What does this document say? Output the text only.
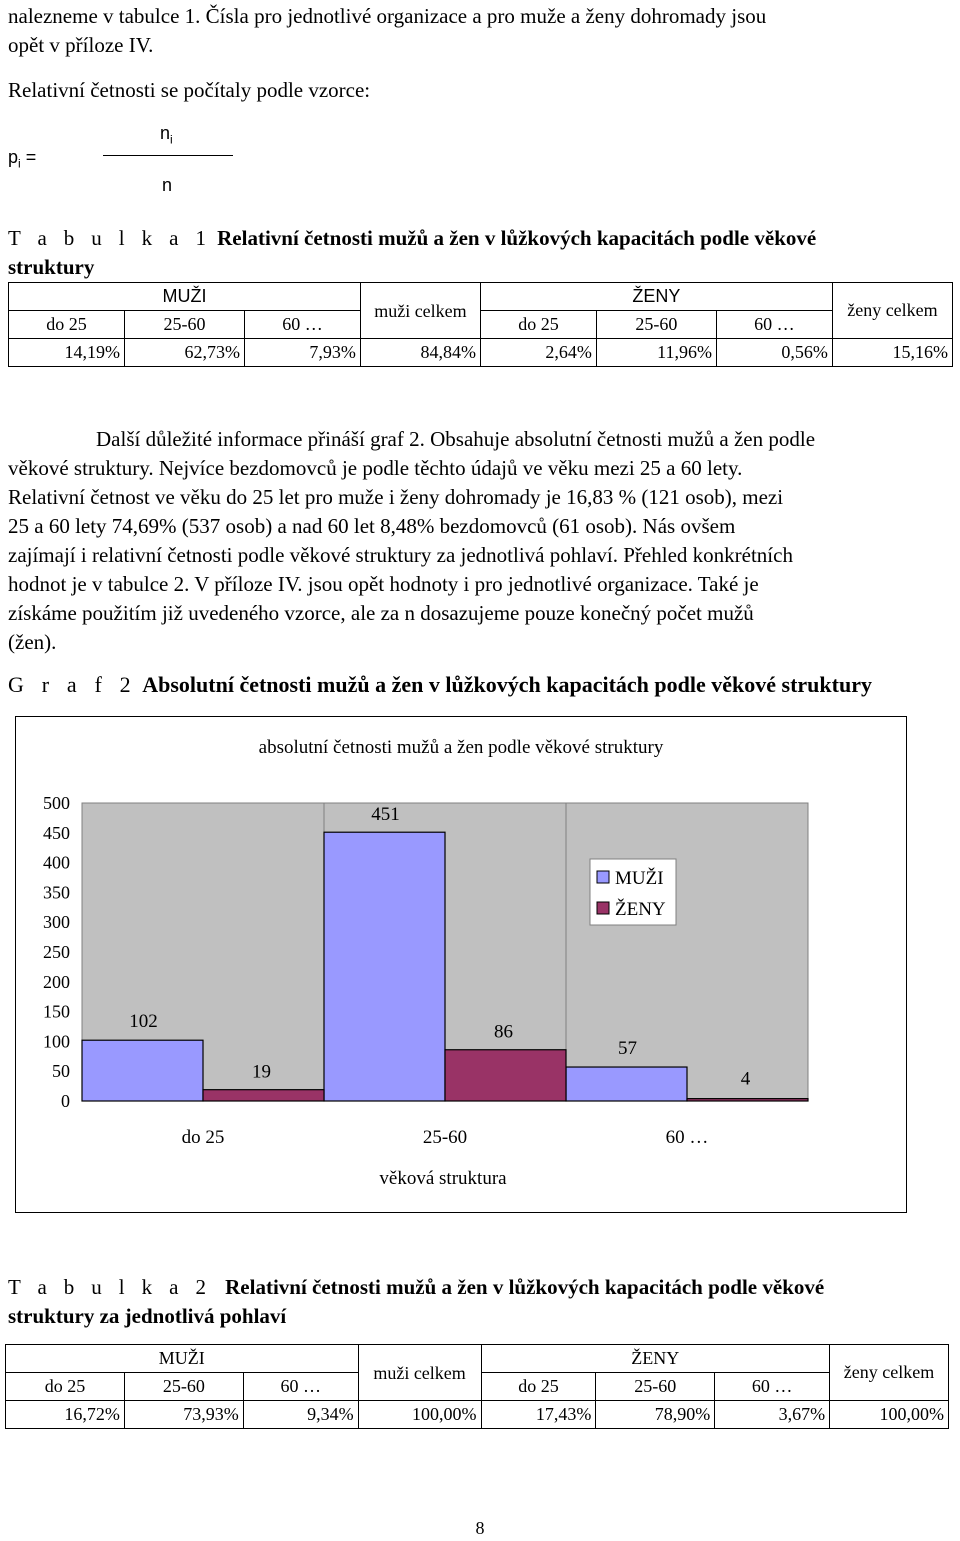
nalezneme v tabulce 1. Čísla pro jednotlivé organizace a pro muže a ženy dohromady jsou
opět v příloze IV.
Relativní četnosti se počítaly podle vzorce:
$p_i$ =
$n_i$
n
T a b u l k a 1 Relativní četnosti mužů a žen v lůžkových kapacitách podle věkové
struktury
MUŽI			muži celkem	ŽENY			ženy celkem
do 25	25-60	60 …		do 25	25-60	60 …	
14,19%	62,73%	7,93%	84,84%	2,64%	11,96%	0,56%	15,16%
Další důležité informace přináší graf 2. Obsahuje absolutní četnosti mužů a žen podle
věkové struktury. Nejvíce bezdomovců je podle těchto údajů ve věku mezi 25 a 60 lety.
Relativní četnost ve věku do 25 let pro muže i ženy dohromady je 16,83 % (121 osob), mezi
25 a 60 lety 74,69% (537 osob) a nad 60 let 8,48% bezdomovců (61 osob). Nás ovšem
zajímají i relativní četnosti podle věkové struktury za jednotlivá pohlaví. Přehled konkrétních
hodnot je v tabulce 2. V příloze IV. jsou opět hodnoty i pro jednotlivé organizace. Také je
získáme použitím již uvedeného vzorce, ale za n dosazujeme pouze konečný počet mužů
(žen).
G r a f 2 Absolutní četnosti mužů a žen v lůžkových kapacitách podle věkové struktury
absolutní četnosti mužů a žen podle věkové struktury
500
450
400
350
300
250
200
150
100
50
0
102
451
57
19
86
4
do 25	25-60	60 …
věková struktura
MUŽI
ŽENY
T a b u l k a 2 Relativní četnosti mužů a žen v lůžkových kapacitách podle věkové
struktury za jednotlivá pohlaví
MUŽI			muži celkem	ŽENY			ženy celkem
do 25	25-60	60 …		do 25	25-60	60 …	
16,72%	73,93%	9,34%	100,00%	17,43%	78,90%	3,67%	100,00%
8
